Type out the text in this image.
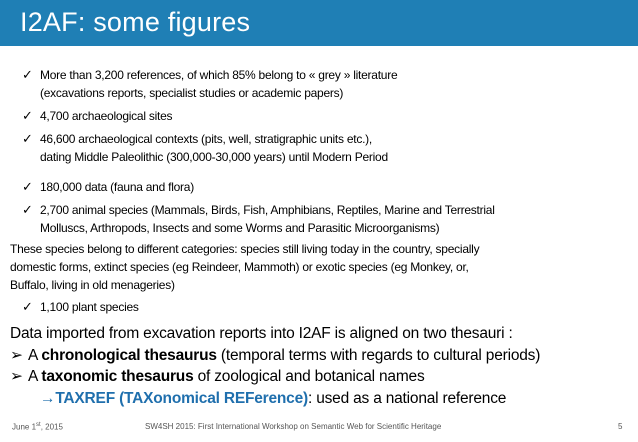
I2AF: some figures
✓ More than 3,200 references, of which 85% belong to « grey » literature
(excavations reports, specialist studies or academic papers)
✓ 4,700 archaeological sites
✓ 46,600 archaeological contexts (pits, well, stratigraphic units etc.),
dating Middle Paleolithic (300,000-30,000 years) until Modern Period
✓ 180,000 data (fauna and flora)
✓ 2,700 animal species (Mammals, Birds, Fish, Amphibians, Reptiles, Marine and Terrestrial
Molluscs, Arthropods, Insects and some Worms and Parasitic Microorganisms)
These species belong to different categories: species still living today in the country, specially
domestic forms, extinct species (eg Reindeer, Mammoth) or exotic species (eg Monkey, or,
Buffalo, living in old menageries)
✓ 1,100 plant species
Data imported from excavation reports into I2AF is aligned on two thesauri :
➢ A chronological thesaurus (temporal terms with regards to cultural periods)
➢ A taxonomic thesaurus of zoological and botanical names
→TAXREF (TAXonomical REFerence): used as a national reference
June 1st, 2015	SW4SH 2015: First International Workshop on Semantic Web for Scientific Heritage	5
